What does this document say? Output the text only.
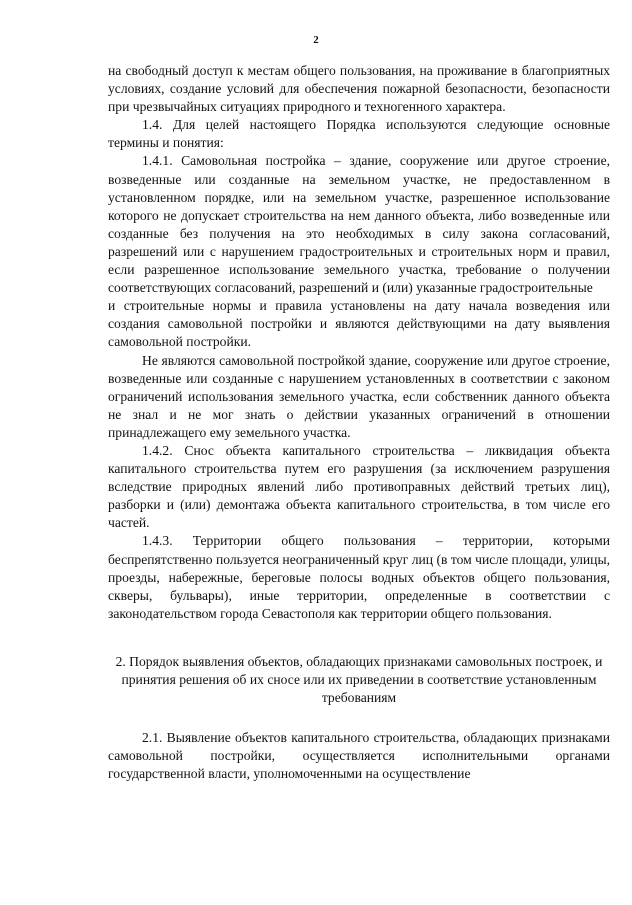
2

на свободный доступ к местам общего пользования, на проживание в благоприятных условиях, создание условий для обеспечения пожарной безопасности, безопасности при чрезвычайных ситуациях природного и техногенного характера.

1.4. Для целей настоящего Порядка используются следующие основные термины и понятия:

1.4.1. Самовольная постройка – здание, сооружение или другое строение, возведенные или созданные на земельном участке, не предоставленном в установленном порядке, или на земельном участке, разрешенное использование которого не допускает строительства на нем данного объекта, либо возведенные или созданные без получения на это необходимых в силу закона согласований, разрешений или с нарушением градостроительных и строительных норм и правил, если разрешенное использование земельного участка, требование о получении соответствующих согласований, разрешений и (или) указанные градостроительные

и строительные нормы и правила установлены на дату начала возведения или создания самовольной постройки и являются действующими на дату выявления самовольной постройки.

Не являются самовольной постройкой здание, сооружение или другое строение, возведенные или созданные с нарушением установленных в соответствии с законом ограничений использования земельного участка, если собственник данного объекта не знал и не мог знать о действии указанных ограничений в отношении принадлежащего ему земельного участка.

1.4.2. Снос объекта капитального строительства – ликвидация объекта капитального строительства путем его разрушения (за исключением разрушения вследствие природных явлений либо противоправных действий третьих лиц), разборки и (или) демонтажа объекта капитального строительства, в том числе его частей.

1.4.3. Территории общего пользования – территории, которыми беспрепятственно пользуется неограниченный круг лиц (в том числе площади, улицы, проезды, набережные, береговые полосы водных объектов общего пользования, скверы, бульвары), иные территории, определенные в соответствии с законодательством города Севастополя как территории общего пользования.

2. Порядок выявления объектов, обладающих признаками самовольных построек, и принятия решения об их сносе или их приведении в соответствие установленным требованиям

2.1. Выявление объектов капитального строительства, обладающих признаками самовольной постройки, осуществляется исполнительными органами государственной власти, уполномоченными на осуществление
